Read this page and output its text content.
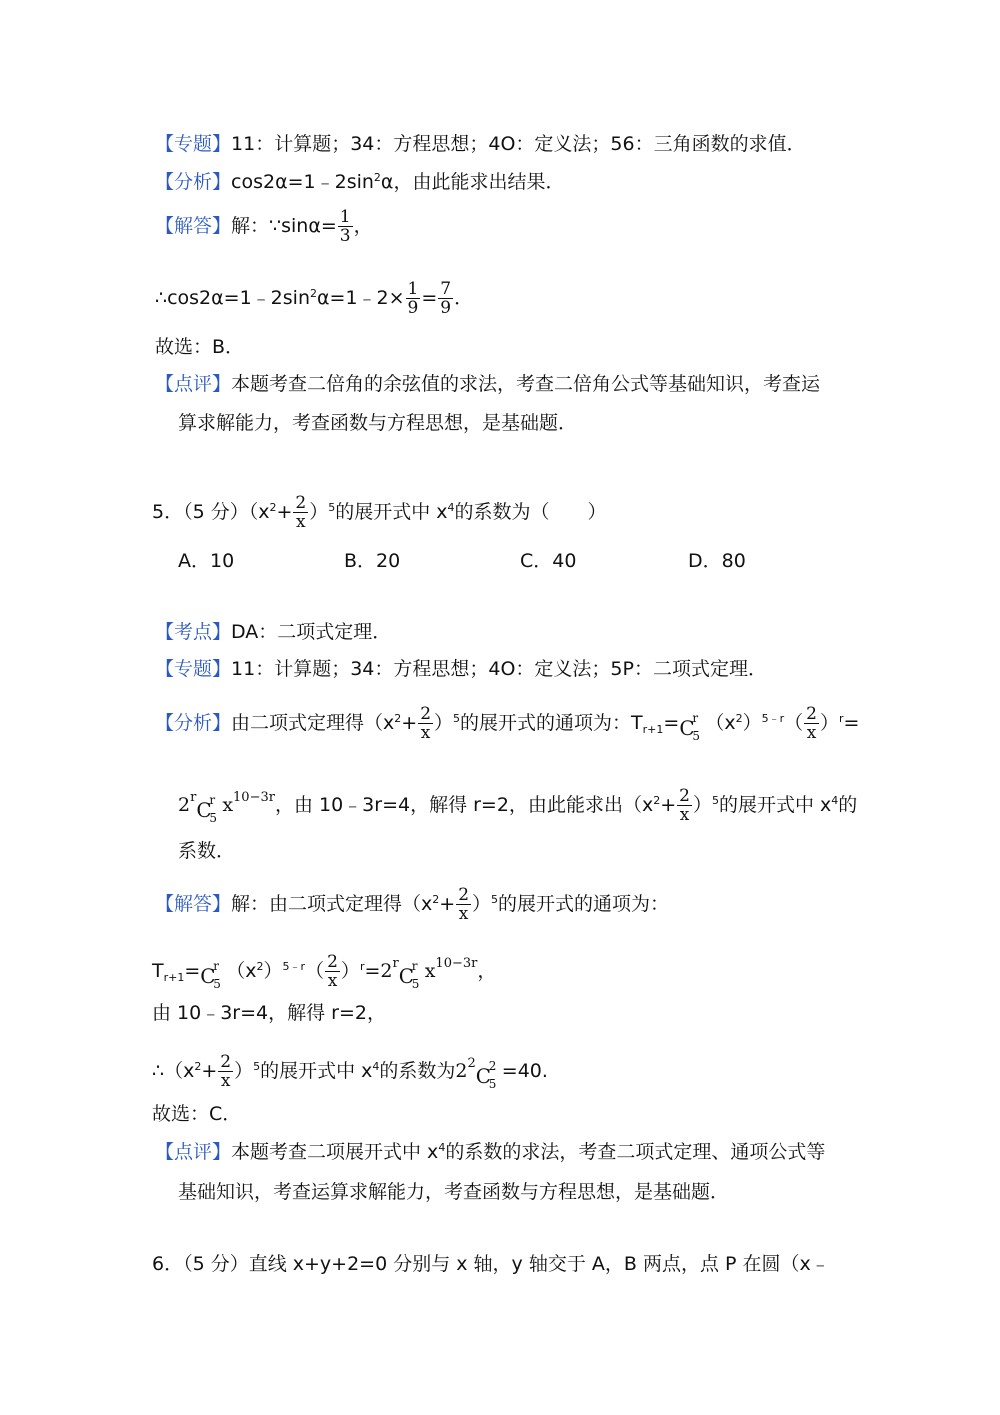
【专题】11：计算题；34：方程思想；4O：定义法；56：三角函数的求值．
【分析】$\cos 2\alpha=1﹣2\sin^2\alpha$，由此能求出结果．
【解答】解：∵sinα= $\frac{1}{3}$ ，
$\therefore\cos 2\alpha=1﹣2\sin^2\alpha=1﹣2\times \frac{1}{9} = \frac{7}{9}$ ．
故选：B．
【点评】本题考查二倍角的余弦值的求法，考查二倍角公式等基础知识，考查运
算求解能力，考查函数与方程思想，是基础题．
5．（5 分）$(x^2+ \frac{2}{x} )^5$的展开式中 $x^4$的系数为（　　）
A．10	B．20	C．40	D．80
【考点】DA：二项式定理．
【专题】11：计算题；34：方程思想；4O：定义法；5P：二项式定理．
【分析】由二项式定理得$(x^2+ \frac{2}{x} )^5$的展开式的通项为：$T_{r+1}= C$
r
5
$(x^2)^{5﹣r}( \frac{2}{x} )^r=$
$2^r$ C
r
5
$x^{10-3r}$，由 10﹣3r=4，解得 r=2，由此能求出$(x^2+ \frac{2}{x} )^5$的展开式中 $x^4$的
系数．
【解答】解：由二项式定理得$(x^2+ \frac{2}{x} )^5$的展开式的通项为：
$T_{r+1}= C$
r
5
$(x^2)^{5﹣r}( \frac{2}{x} )^r=2^r$ C
r
5
$x^{10-3r}$，
由 10﹣3r=4，解得 r=2，
$\therefore(x^2+ \frac{2}{x} )^5$的展开式中 $x^4$的系数为$2^2$ C
2
5
=40.
故选：C．
【点评】本题考查二项展开式中 $x^4$的系数的求法，考查二项式定理、通项公式等
基础知识，考查运算求解能力，考查函数与方程思想，是基础题．
6．（5 分）直线 x+y+2=0 分别与 x 轴，y 轴交于 A，B 两点，点 P 在圆（x﹣
